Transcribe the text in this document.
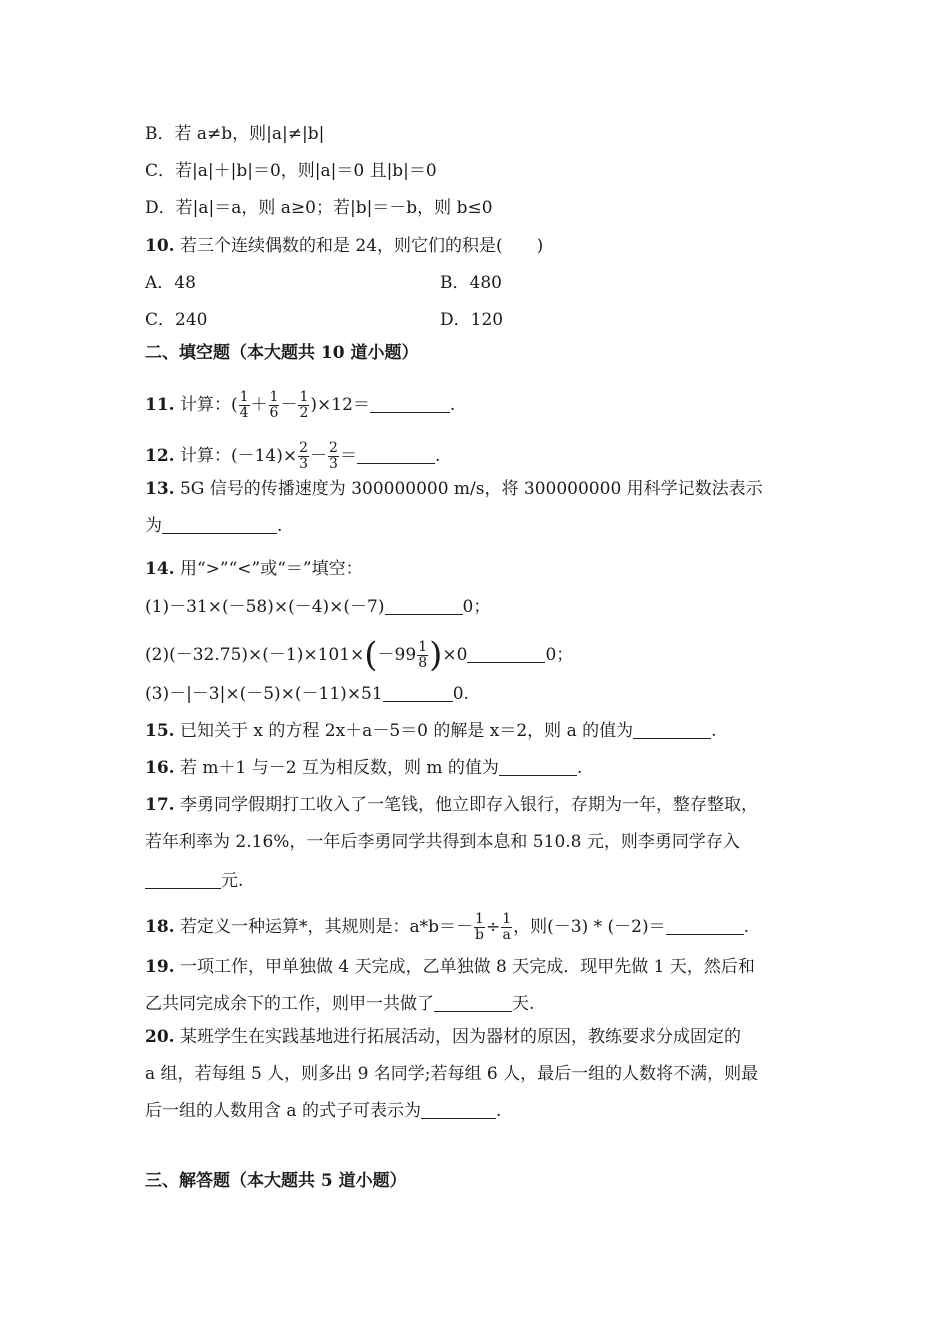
B．若 a≠b，则|a|≠|b|
C．若|a|＋|b|＝0，则|a|＝0 且|b|＝0
D．若|a|＝a，则 a≥0；若|b|＝－b，则 b≤0
10. 若三个连续偶数的和是 24，则它们的积是(　　)
A．48	B．480
C．240	D．120
二、填空题（本大题共 10 道小题）
11. 计算：( $\frac{1}{4} + \frac{1}{6} - \frac{1}{2} )\times 12=$	.
12. 计算：$(-14)\times \frac{2}{3} - \frac{2}{3}$ ＝	.
13. 5G 信号的传播速度为 300000000 m/s，将 300000000 用科学记数法表示
为	.
14. 用“>”“<”或“＝”填空：
(1)－31×(－58)×(－4)×(－7)	0；
$(2)(-32.75)\times(-1)\times 101\times(-99 \frac{1}{8} )\times 0$	0；
(3)－|－3|×(－5)×(－11)×51	0.
15. 已知关于 x 的方程 2x＋a－5＝0 的解是 x＝2，则 a 的值为	.
16. 若 m＋1 与－2 互为相反数，则 m 的值为	.
17. 李勇同学假期打工收入了一笔钱，他立即存入银行，存期为一年，整存整取，
若年利率为 2.16%，一年后李勇同学共得到本息和 510.8 元，则李勇同学存入
元.
18. 若定义一种运算*，其规则是：$a*b=- \frac{1}{b} \div \frac{1}{a}$ ，则(－3) * (－2)＝	.
19. 一项工作，甲单独做 4 天完成，乙单独做 8 天完成．现甲先做 1 天，然后和
乙共同完成余下的工作，则甲一共做了	天.
20. 某班学生在实践基地进行拓展活动，因为器材的原因，教练要求分成固定的
a 组，若每组 5 人，则多出 9 名同学;若每组 6 人，最后一组的人数将不满，则最
后一组的人数用含 a 的式子可表示为	.
三、解答题（本大题共 5 道小题）
